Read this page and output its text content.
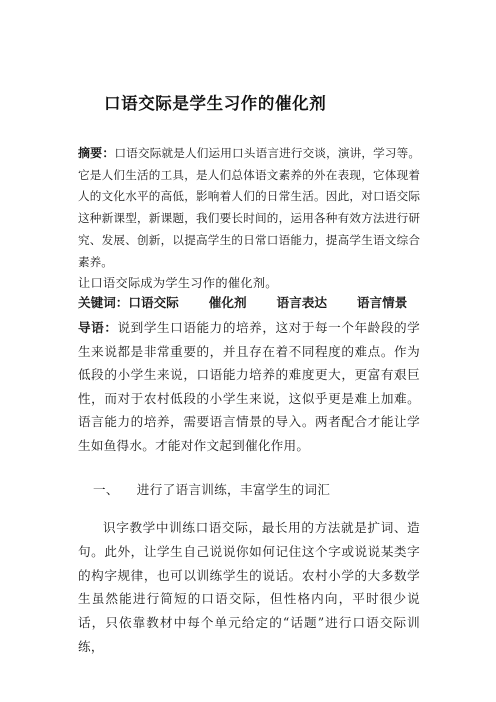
口语交际是学生习作的催化剂
摘要：口语交际就是人们运用口头语言进行交谈，演讲，学习等。它是人们生活的工具，是人们总体语文素养的外在表现，它体现着人的文化水平的高低，影响着人们的日常生活。因此，对口语交际这种新课型，新课题，我们要长时间的，运用各种有效方法进行研究、发展、创新，以提高学生的日常口语能力，提高学生语文综合素养。
让口语交际成为学生习作的催化剂。
关键词：口语交际 催化剂 语言表达 语言情景
导语：说到学生口语能力的培养，这对于每一个年龄段的学生来说都是非常重要的，并且存在着不同程度的难点。作为低段的小学生来说，口语能力培养的难度更大，更富有艰巨性，而对于农村低段的小学生来说，这似乎更是难上加难。语言能力的培养，需要语言情景的导入。两者配合才能让学生如鱼得水。才能对作文起到催化作用。
一、 进行了语言训练，丰富学生的词汇
识字教学中训练口语交际，最长用的方法就是扩词、造句。此外，让学生自己说说你如何记住这个字或说说某类字的构字规律，也可以训练学生的说话。农村小学的大多数学生虽然能进行简短的口语交际，但性格内向，平时很少说话，只依靠教材中每个单元给定的“话题”进行口语交际训练，
